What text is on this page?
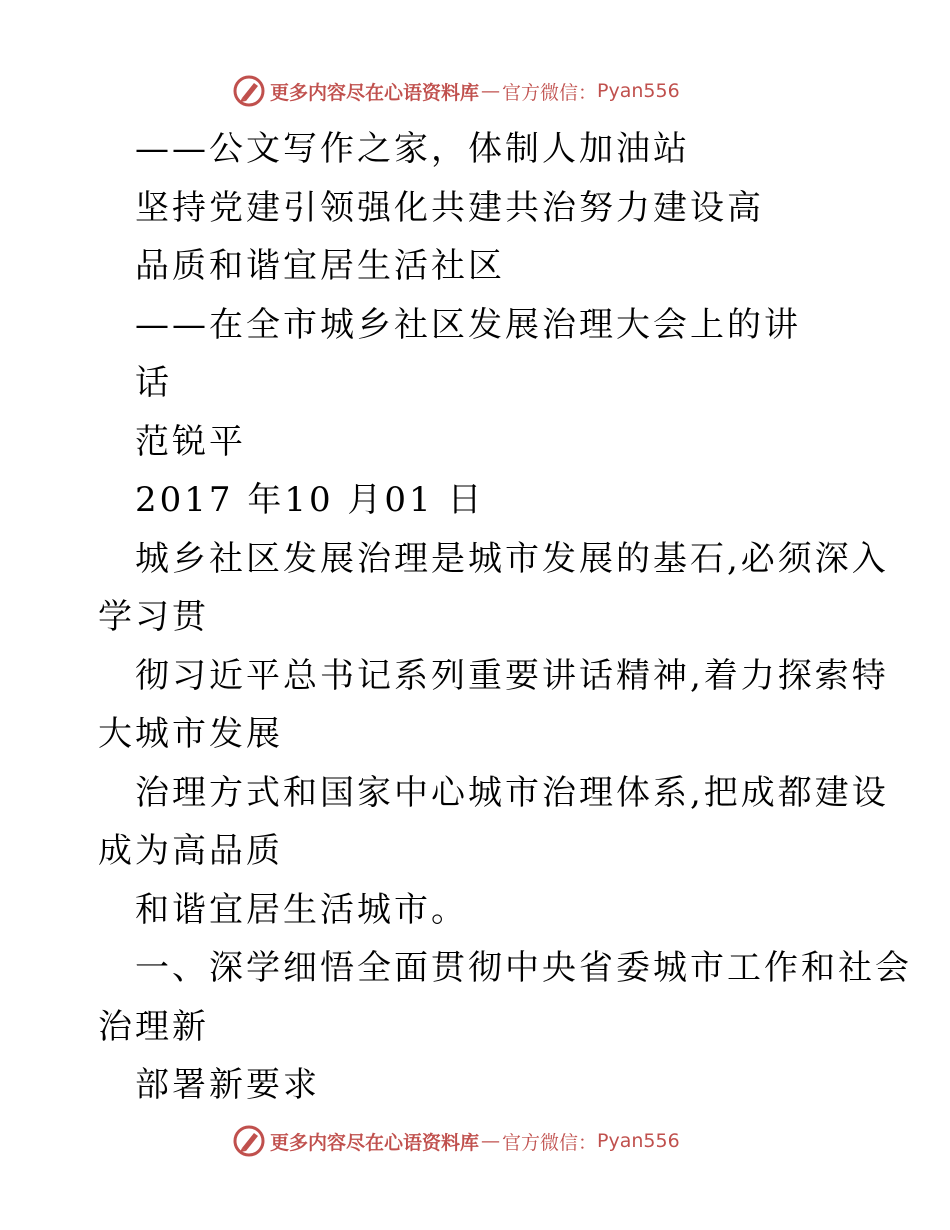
更多内容尽在心语资料库 — 官方微信： Pyan556
——公文写作之家，体制人加油站
坚持党建引领强化共建共治努力建设高
品质和谐宜居生活社区
——在全市城乡社区发展治理大会上的讲
话
范锐平
2017 年10 月01 日
城乡社区发展治理是城市发展的基石,必须深入
学习贯
彻习近平总书记系列重要讲话精神,着力探索特
大城市发展
治理方式和国家中心城市治理体系,把成都建设
成为高品质
和谐宜居生活城市。
一、深学细悟全面贯彻中央省委城市工作和社会
治理新
部署新要求
更多内容尽在心语资料库 — 官方微信： Pyan556
